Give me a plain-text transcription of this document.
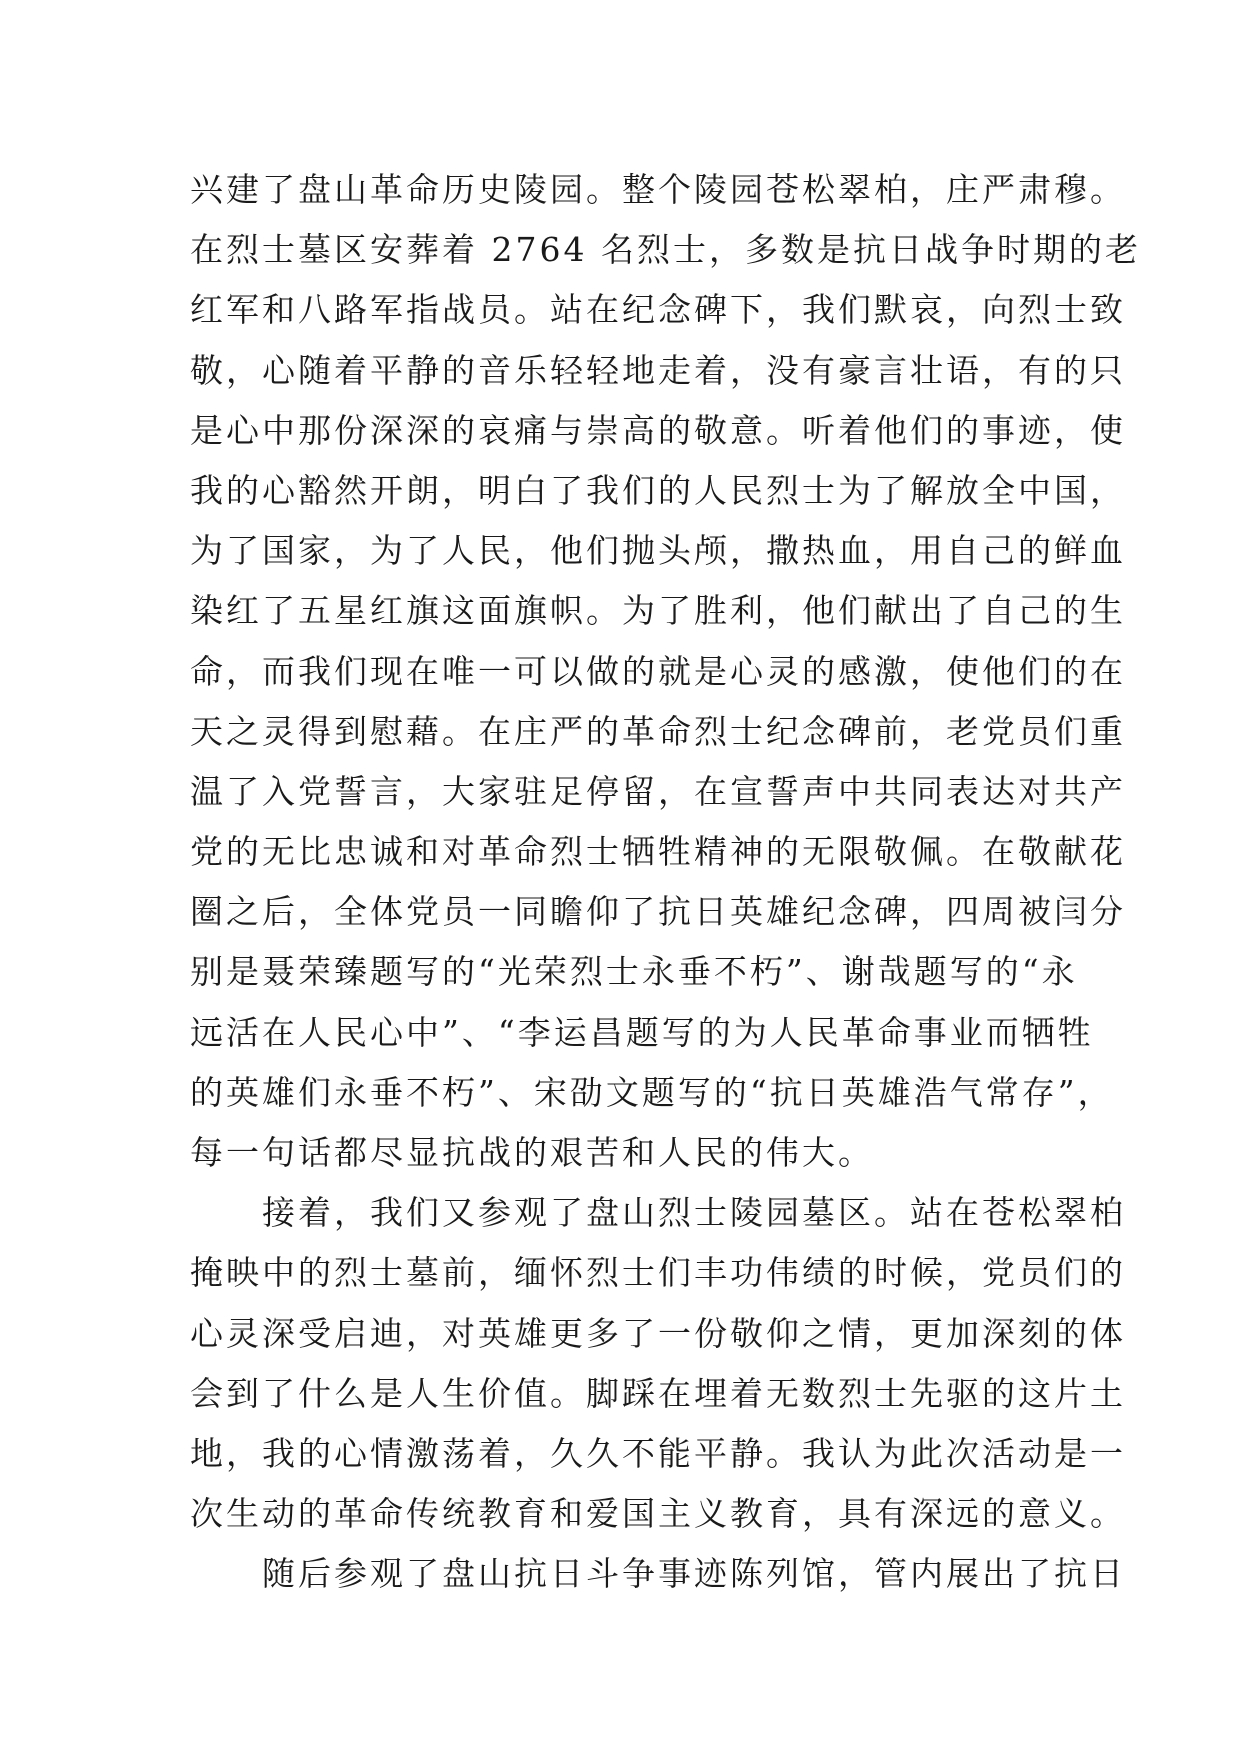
兴建了盘山革命历史陵园。整个陵园苍松翠柏，庄严肃穆。
在烈士墓区安葬着 2764 名烈士，多数是抗日战争时期的老
红军和八路军指战员。站在纪念碑下，我们默哀，向烈士致
敬，心随着平静的音乐轻轻地走着，没有豪言壮语，有的只
是心中那份深深的哀痛与崇高的敬意。听着他们的事迹，使
我的心豁然开朗，明白了我们的人民烈士为了解放全中国，
为了国家，为了人民，他们抛头颅，撒热血，用自己的鲜血
染红了五星红旗这面旗帜。为了胜利，他们献出了自己的生
命，而我们现在唯一可以做的就是心灵的感激，使他们的在
天之灵得到慰藉。在庄严的革命烈士纪念碑前，老党员们重
温了入党誓言，大家驻足停留，在宣誓声中共同表达对共产
党的无比忠诚和对革命烈士牺牲精神的无限敬佩。在敬献花
圈之后，全体党员一同瞻仰了抗日英雄纪念碑，四周被闫分
别是聂荣臻题写的“光荣烈士永垂不朽”、谢哉题写的“永
远活在人民心中”、“李运昌题写的为人民革命事业而牺牲
的英雄们永垂不朽”、宋劭文题写的“抗日英雄浩气常存”，
每一句话都尽显抗战的艰苦和人民的伟大。
接着，我们又参观了盘山烈士陵园墓区。站在苍松翠柏
掩映中的烈士墓前，缅怀烈士们丰功伟绩的时候，党员们的
心灵深受启迪，对英雄更多了一份敬仰之情，更加深刻的体
会到了什么是人生价值。脚踩在埋着无数烈士先驱的这片土
地，我的心情激荡着，久久不能平静。我认为此次活动是一
次生动的革命传统教育和爱国主义教育，具有深远的意义。
随后参观了盘山抗日斗争事迹陈列馆，管内展出了抗日
